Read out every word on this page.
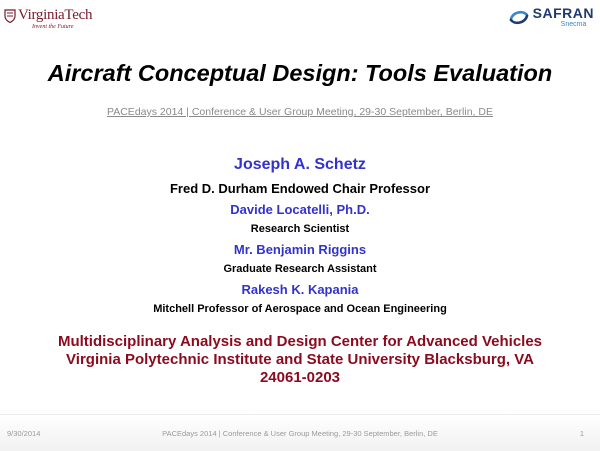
VirginiaTech
Invent the Future
SAFRAN
Snecma
Aircraft Conceptual Design: Tools Evaluation
PACEdays 2014 | Conference & User Group Meeting, 29-30 September, Berlin, DE
Joseph A. Schetz
Fred D. Durham Endowed Chair Professor
Davide Locatelli, Ph.D.
Research Scientist
Mr. Benjamin Riggins
Graduate Research Assistant
Rakesh K. Kapania
Mitchell Professor of Aerospace and Ocean Engineering
Multidisciplinary Analysis and Design Center for Advanced Vehicles
Virginia Polytechnic Institute and State University Blacksburg, VA
24061-0203
9/30/2014	PACEdays 2014 | Conference & User Group Meeting, 29-30 September, Berlin, DE	1
